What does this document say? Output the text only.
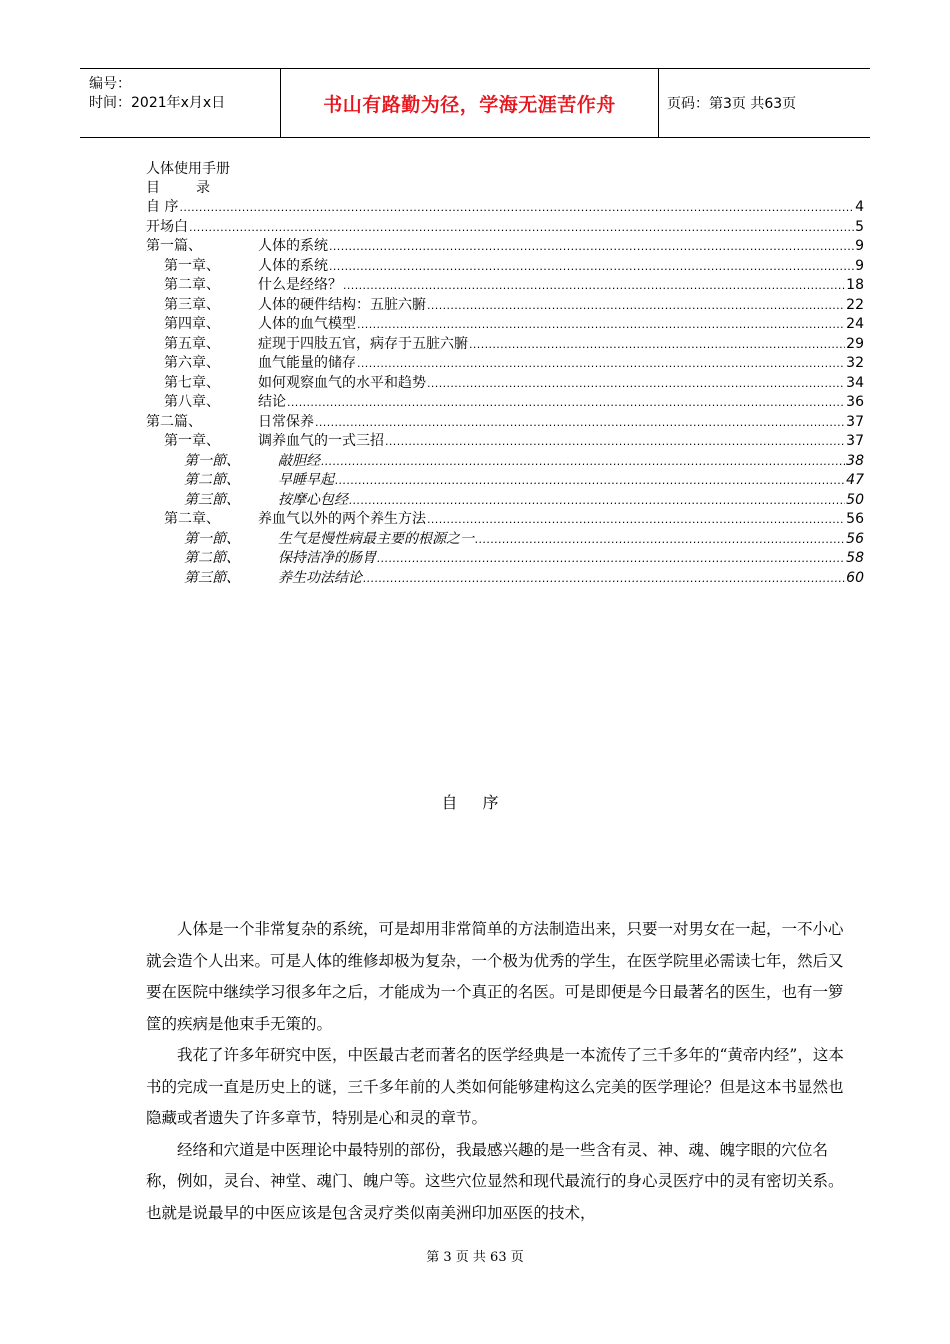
编号：
时间：2021年x月x日	书山有路勤为径，学海无涯苦作舟	页码：第3页 共63页
人体使用手册
目	录
自 序 .....	4
开场白 .....	5
第一篇、	人体的系统 .....	9
第一章、	人体的系统 .....	9
第二章、	什么是经络？ .....	18
第三章、	人体的硬件结构：五脏六腑 .....	22
第四章、	人体的血气模型 .....	24
第五章、	症现于四肢五官，病存于五脏六腑 .....	29
第六章、	血气能量的储存 .....	32
第七章、	如何观察血气的水平和趋势 .....	34
第八章、	结论 .....	36
第二篇、	日常保养 .....	37
第一章、	调养血气的一式三招 .....	37
第一節、	敲胆经 .....	38
第二節、	早睡早起 .....	47
第三節、	按摩心包经 .....	50
第二章、	养血气以外的两个养生方法 .....	56
第一節、	生气是慢性病最主要的根源之一 .....	56
第二節、	保持洁净的肠胃 .....	58
第三節、	养生功法结论 .....	60
自 序

人体是一个非常复杂的系统，可是却用非常简单的方法制造出来，只要一对男女在一起，一不小心就会造个人出来。可是人体的维修却极为复杂，一个极为优秀的学生，在医学院里必需读七年，然后又要在医院中继续学习很多年之后，才能成为一个真正的名医。可是即便是今日最著名的医生，也有一箩筐的疾病是他束手无策的。

我花了许多年研究中医，中医最古老而著名的医学经典是一本流传了三千多年的“黄帝内经”，这本书的完成一直是历史上的谜，三千多年前的人类如何能够建构这么完美的医学理论？但是这本书显然也隐藏或者遗失了许多章节，特别是心和灵的章节。

经络和穴道是中医理论中最特别的部份，我最感兴趣的是一些含有灵、神、魂、魄字眼的穴位名称，例如，灵台、神堂、魂门、魄户等。这些穴位显然和现代最流行的身心灵医疗中的灵有密切关系。也就是说最早的中医应该是包含灵疗类似南美洲印加巫医的技术，

第 3 页 共 63 页
